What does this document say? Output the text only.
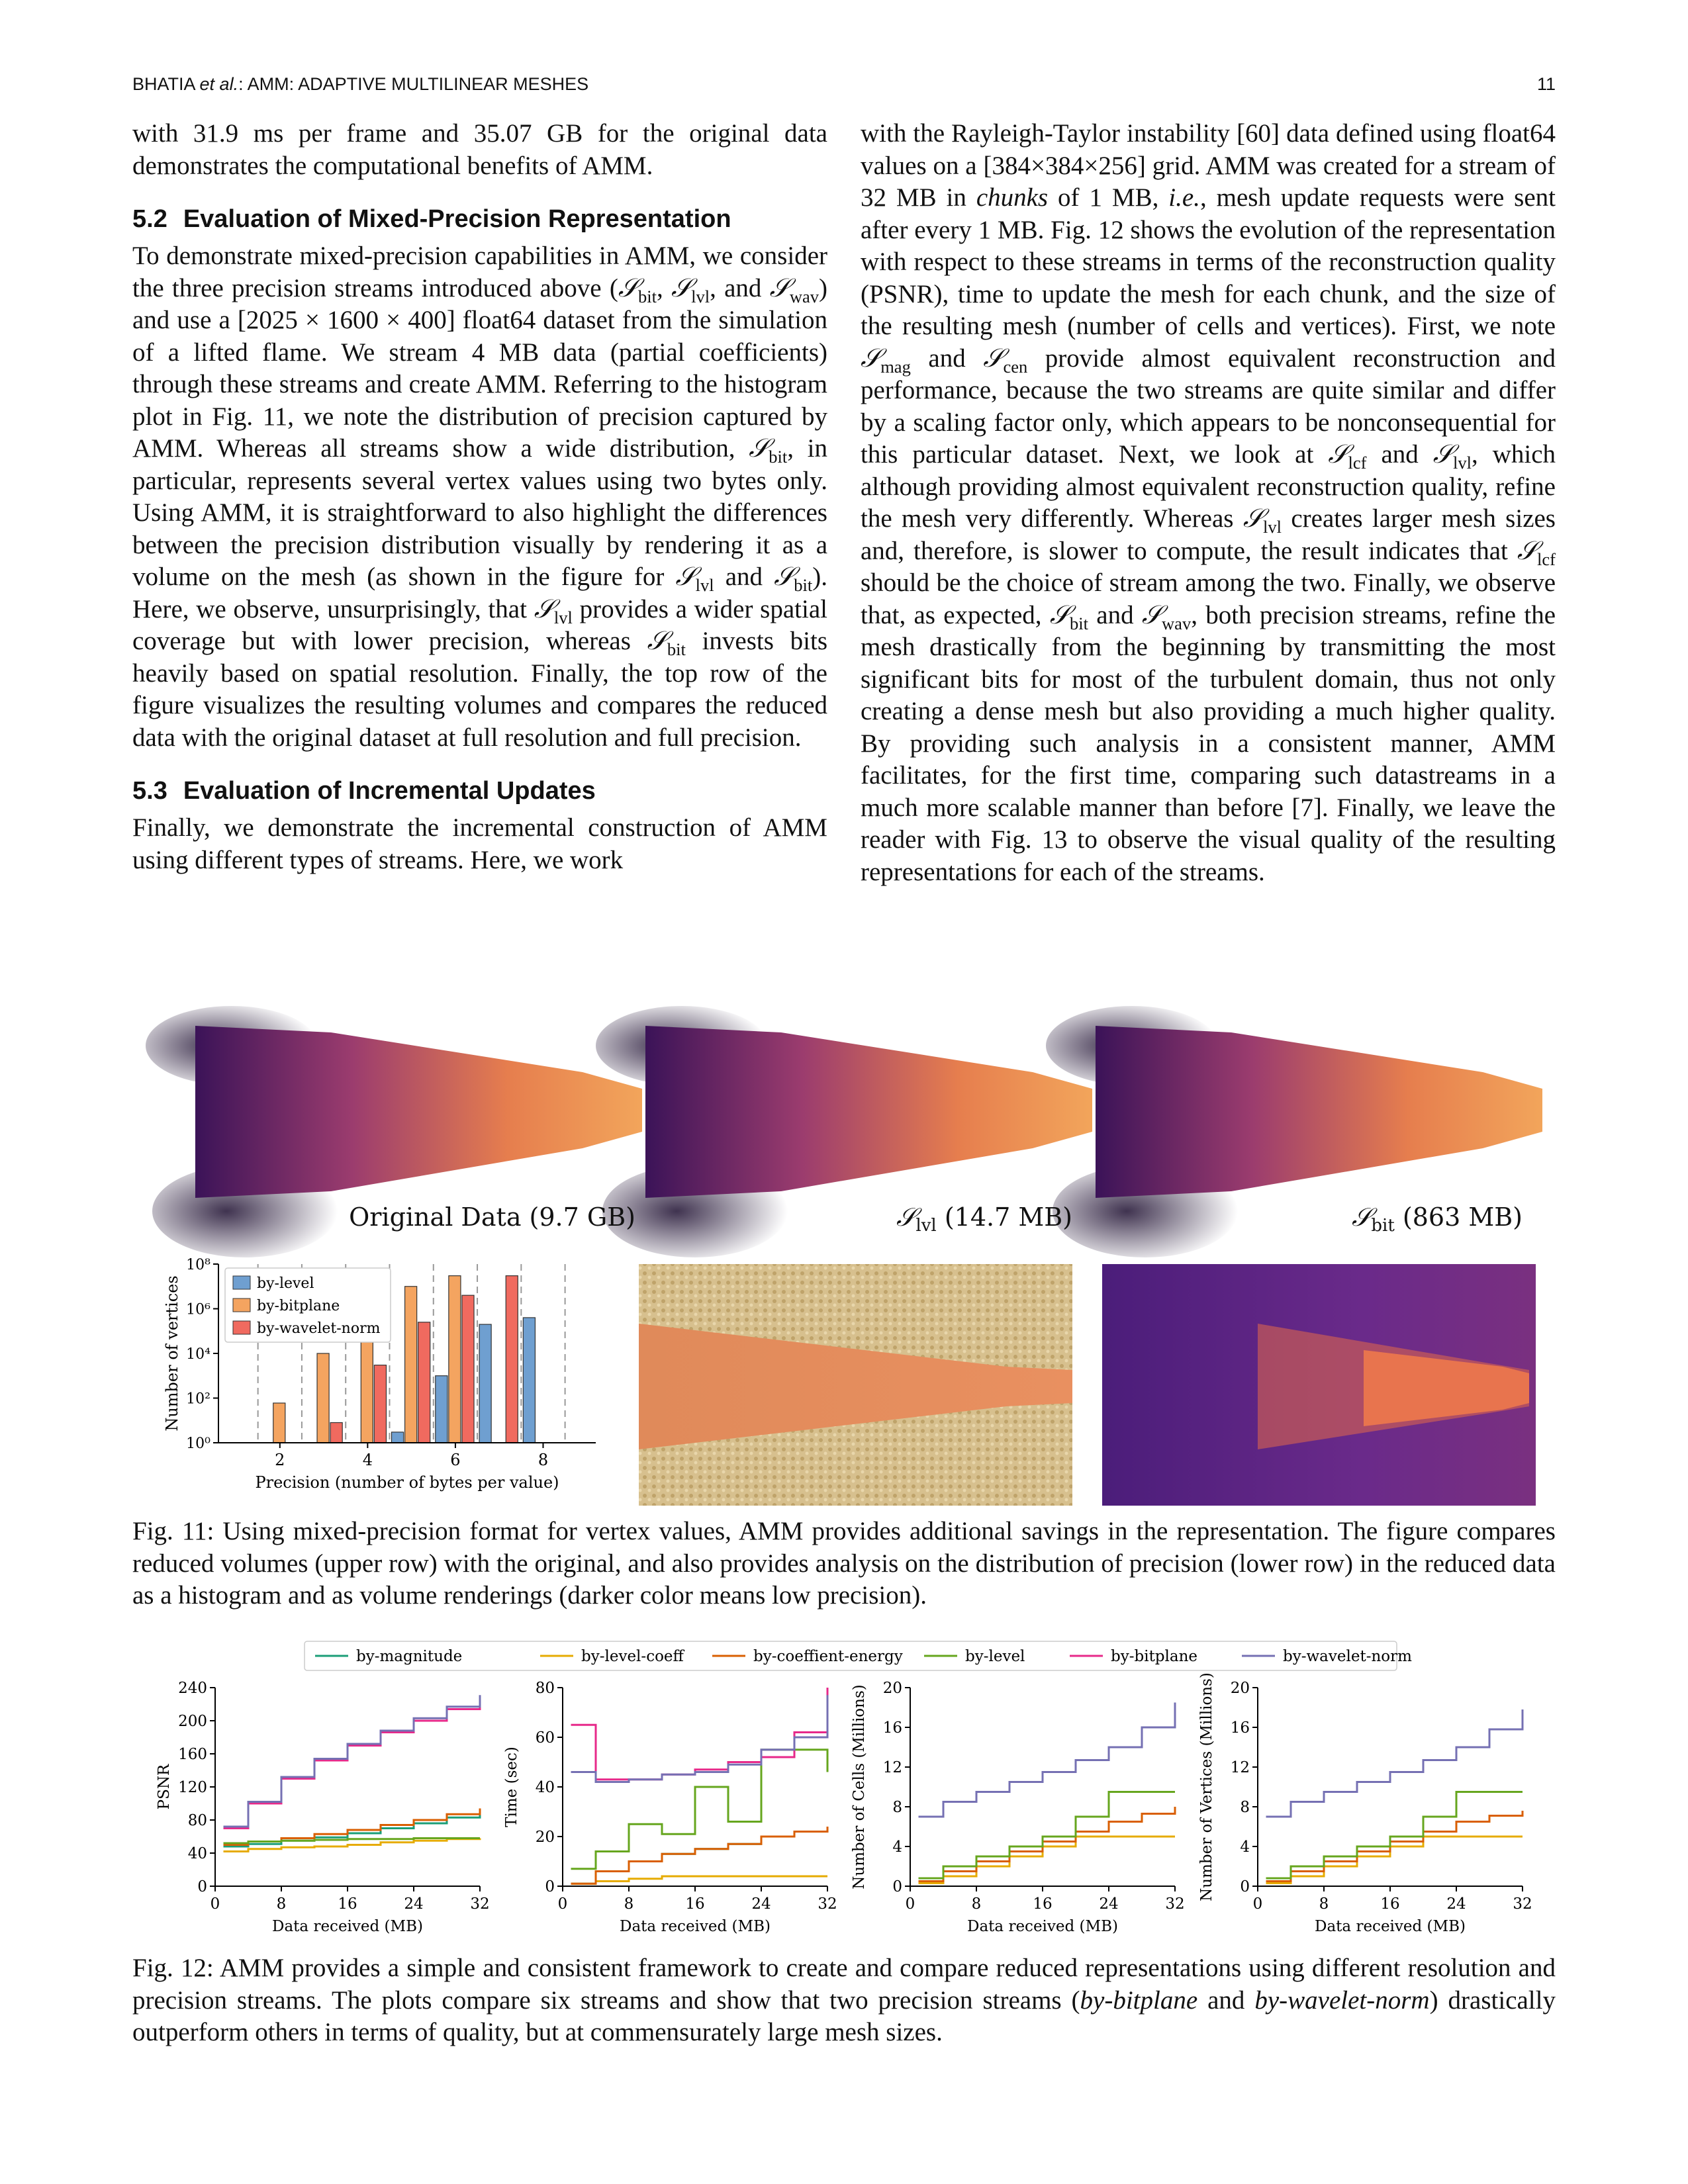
BHATIA et al.: AMM: ADAPTIVE MULTILINEAR MESHES	11

with 31.9 ms per frame and 35.07 GB for the original data demonstrates the computational benefits of AMM.

5.2 Evaluation of Mixed-Precision Representation

To demonstrate mixed-precision capabilities in AMM, we consider the three precision streams introduced above (𝒮$_{bit}$, 𝒮$_{lvl}$, and 𝒮$_{wav}$) and use a [2025 × 1600 × 400] float64 dataset from the simulation of a lifted flame. We stream 4 MB data (partial coefficients) through these streams and create AMM. Referring to the histogram plot in Fig. 11, we note the distribution of precision captured by AMM. Whereas all streams show a wide distribution, 𝒮$_{bit}$, in particular, represents several vertex values using two bytes only. Using AMM, it is straightforward to also highlight the differences between the precision distribution visually by rendering it as a volume on the mesh (as shown in the figure for 𝒮$_{lvl}$ and 𝒮$_{bit}$). Here, we observe, unsurprisingly, that 𝒮$_{lvl}$ provides a wider spatial coverage but with lower precision, whereas 𝒮$_{bit}$ invests bits heavily based on spatial resolution. Finally, the top row of the figure visualizes the resulting volumes and compares the reduced data with the original dataset at full resolution and full precision.

5.3 Evaluation of Incremental Updates

Finally, we demonstrate the incremental construction of AMM using different types of streams. Here, we work

with the Rayleigh-Taylor instability [60] data defined using float64 values on a [384×384×256] grid. AMM was created for a stream of 32 MB in chunks of 1 MB, i.e., mesh update requests were sent after every 1 MB. Fig. 12 shows the evolution of the representation with respect to these streams in terms of the reconstruction quality (PSNR), time to update the mesh for each chunk, and the size of the resulting mesh (number of cells and vertices). First, we note 𝒮$_{mag}$ and 𝒮$_{cen}$ provide almost equivalent reconstruction and performance, because the two streams are quite similar and differ by a scaling factor only, which appears to be nonconsequential for this particular dataset. Next, we look at 𝒮$_{lcf}$ and 𝒮$_{lvl}$, which although providing almost equivalent reconstruction quality, refine the mesh very differently. Whereas 𝒮$_{lvl}$ creates larger mesh sizes and, therefore, is slower to compute, the result indicates that 𝒮$_{lcf}$ should be the choice of stream among the two. Finally, we observe that, as expected, 𝒮$_{bit}$ and 𝒮$_{wav}$, both precision streams, refine the mesh drastically from the beginning by transmitting the most significant bits for most of the turbulent domain, thus not only creating a dense mesh but also providing a much higher quality. By providing such analysis in a consistent manner, AMM facilitates, for the first time, comparing such datastreams in a much more scalable manner than before [7]. Finally, we leave the reader with Fig. 13 to observe the visual quality of the resulting representations for each of the streams.

Original Data (9.7 GB)	𝒮$_{lvl}$ (14.7 MB)	𝒮$_{bit}$ (863 MB)
10⁰
10²
10⁴
10⁶
10⁸
2	4	6	8
Precision (number of bytes per value)
Number of vertices	by-level
by-bitplane
by-wavelet-norm
Fig. 11: Using mixed-precision format for vertex values, AMM provides additional savings in the representation. The figure compares reduced volumes (upper row) with the original, and also provides analysis on the distribution of precision (lower row) in the reduced data as a histogram and as volume renderings (darker color means low precision).
by-magnitude	by-level-coeff	by-coeffient-energy	by-level	by-bitplane	by-wavelet-norm
0
40
80
120
160
200
240
0	8	16	24	32
Data received (MB)
PSNR
0
20
40
60
80
0	8	16	24	32
Data received (MB)
Time (sec)
0
4
8
12
16
20
0	8	16	24	32
Data received (MB)
Number of Cells (Millions)	0
4
8
12
16
20
0	8	16	24	32
Data received (MB)
Number of Vertices (Millions)
Fig. 12: AMM provides a simple and consistent framework to create and compare reduced representations using different resolution and precision streams. The plots compare six streams and show that two precision streams (by-bitplane and by-wavelet-norm) drastically outperform others in terms of quality, but at commensurately large mesh sizes.
